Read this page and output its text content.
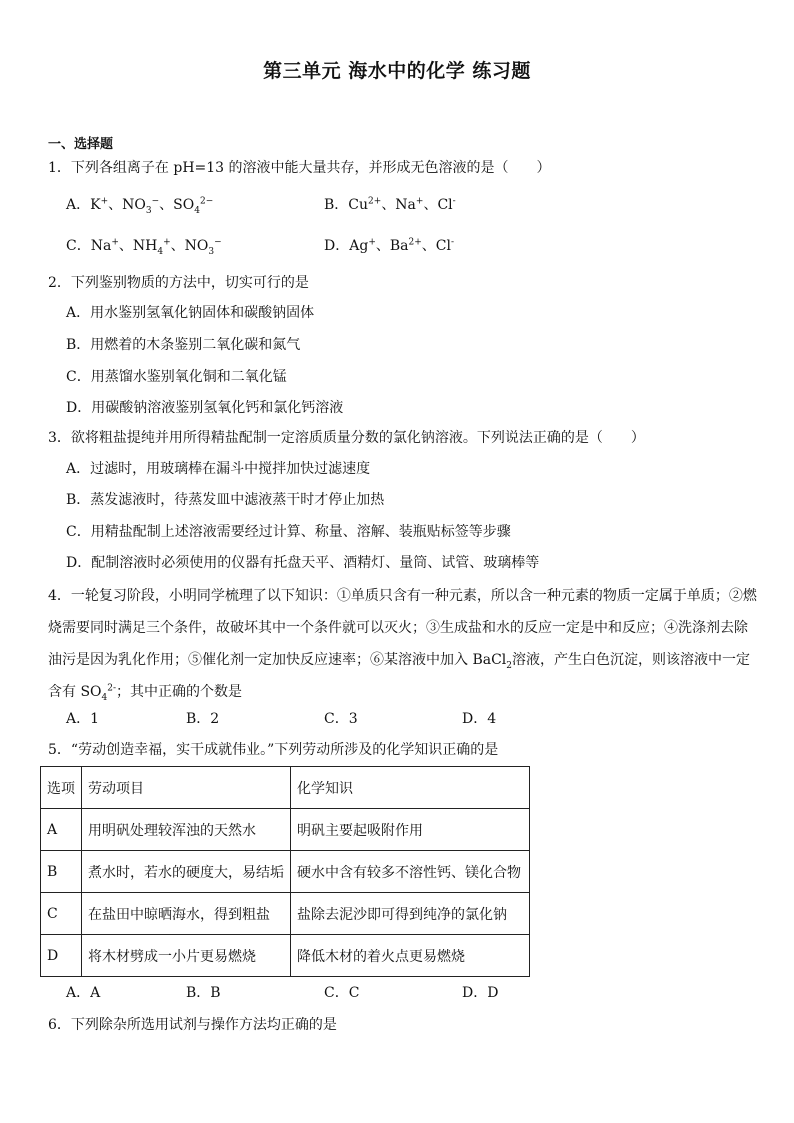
第三单元 海水中的化学 练习题
一、选择题
1．下列各组离子在 pH=13 的溶液中能大量共存，并形成无色溶液的是（　　）
A．K+、$NO_3^-$、$SO_4^{2-}$	B．$Cu^{2+}$、Na+、Cl-
C．Na+、$NH_4^+$、$NO_3^-$	D．Ag+、$Ba^{2+}$、Cl-
2．下列鉴别物质的方法中，切实可行的是
A．用水鉴别氢氧化钠固体和碳酸钠固体
B．用燃着的木条鉴别二氧化碳和氮气
C．用蒸馏水鉴别氧化铜和二氧化锰
D．用碳酸钠溶液鉴别氢氧化钙和氯化钙溶液
3．欲将粗盐提纯并用所得精盐配制一定溶质质量分数的氯化钠溶液。下列说法正确的是（　　）
A．过滤时，用玻璃棒在漏斗中搅拌加快过滤速度
B．蒸发滤液时，待蒸发皿中滤液蒸干时才停止加热
C．用精盐配制上述溶液需要经过计算、称量、溶解、装瓶贴标签等步骤
D．配制溶液时必须使用的仪器有托盘天平、酒精灯、量筒、试管、玻璃棒等
4．一轮复习阶段，小明同学梳理了以下知识：①单质只含有一种元素，所以含一种元素的物质一定属于单质；②燃烧需要同时满足三个条件，故破坏其中一个条件就可以灭火；③生成盐和水的反应一定是中和反应；④洗涤剂去除油污是因为乳化作用；⑤催化剂一定加快反应速率；⑥某溶液中加入 BaCl$_2$溶液，产生白色沉淀，则该溶液中一定含有 $SO_4^{2-}$；其中正确的个数是
A．1	B．2	C．3	D．4
5．“劳动创造幸福，实干成就伟业。”下列劳动所涉及的化学知识正确的是
选项	劳动项目	化学知识
A	用明矾处理较浑浊的天然水	明矾主要起吸附作用
B	煮水时，若水的硬度大，易结垢	硬水中含有较多不溶性钙、镁化合物
C	在盐田中晾晒海水，得到粗盐	盐除去泥沙即可得到纯净的氯化钠
D	将木材劈成一小片更易燃烧	降低木材的着火点更易燃烧
A．A	B．B	C．C	D．D
6．下列除杂所选用试剂与操作方法均正确的是
